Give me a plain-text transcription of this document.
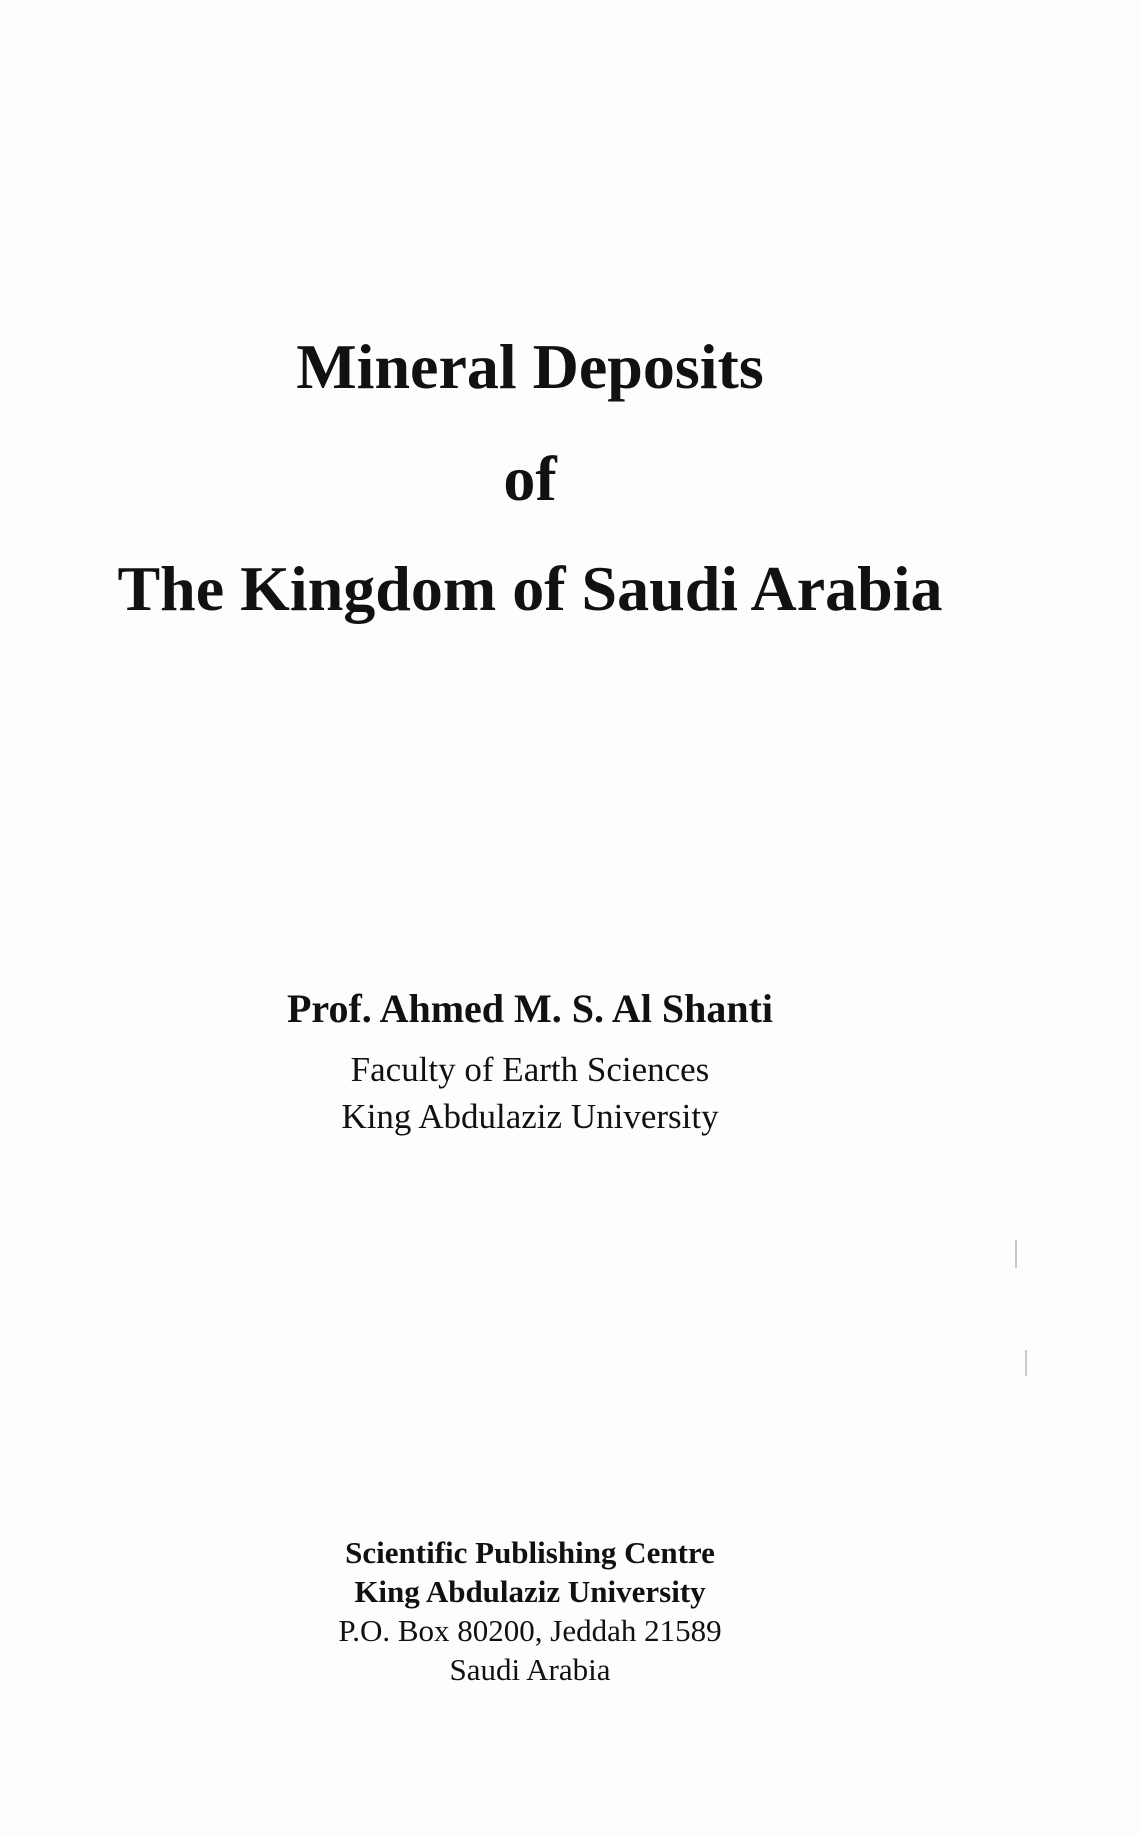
Mineral Deposits
of
The Kingdom of Saudi Arabia
Prof. Ahmed M. S. Al Shanti
Faculty of Earth Sciences
King Abdulaziz University
Scientific Publishing Centre
King Abdulaziz University
P.O. Box 80200, Jeddah 21589
Saudi Arabia
